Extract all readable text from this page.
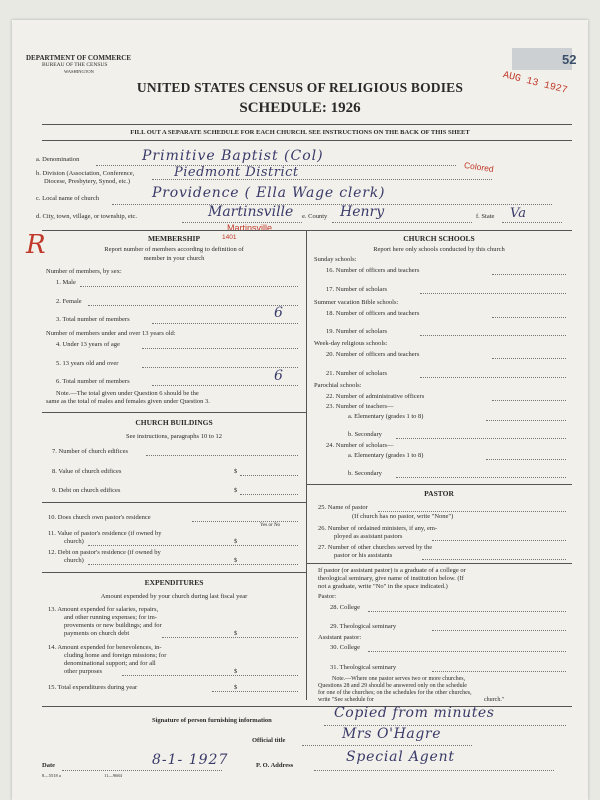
DEPARTMENT OF COMMERCE
BUREAU OF THE CENSUS
WASHINGTON
52
AUG 13 1927
UNITED STATES CENSUS OF RELIGIOUS BODIES
SCHEDULE: 1926
FILL OUT A SEPARATE SCHEDULE FOR EACH CHURCH. SEE INSTRUCTIONS ON THE BACK OF THIS SHEET
a. Denomination	Primitive Baptist (Col)
Colored
b. Division (Association, Conference,
Diocese, Presbytery, Synod, etc.)
Piedmont District
c. Local name of church	Providence ( Ella Wage clerk)
d. City, town, village, or township, etc.	Martinsville
Martinsville
e. County Henry	f. State Va
R	1401
MEMBERSHIP
Report number of members according to definition of
member in your church
Number of members, by sex:
1. Male
2. Female
3. Total number of members	6
Number of members under and over 13 years old:
4. Under 13 years of age
5. 13 years old and over
6. Total number of members	6
Note.—The total given under Question 6 should be the
same as the total of males and females given under Question 3.
CHURCH BUILDINGS
See instructions, paragraphs 10 to 12
7. Number of church edifices
8. Value of church edifices	$
9. Debt on church edifices	$
10. Does church own pastor's residence
Yes or No
11. Value of pastor's residence (if owned by
church)	$
12. Debt on pastor's residence (if owned by
church)	$
EXPENDITURES
Amount expended by your church during last fiscal year
13. Amount expended for salaries, repairs,
and other running expenses; for im-
provements or new buildings; and for
payments on church debt	$
14. Amount expended for benevolences, in-
cluding home and foreign missions; for
denominational support; and for all
other purposes	$
15. Total expenditures during year	$
CHURCH SCHOOLS
Report here only schools conducted by this church
Sunday schools:
16. Number of officers and teachers
17. Number of scholars
Summer vacation Bible schools:
18. Number of officers and teachers
19. Number of scholars
Week-day religious schools:
20. Number of officers and teachers
21. Number of scholars
Parochial schools:
22. Number of administrative officers
23. Number of teachers—
a. Elementary (grades 1 to 8)
b. Secondary
24. Number of scholars—
a. Elementary (grades 1 to 8)
b. Secondary
PASTOR
25. Name of pastor
(If church has no pastor, write "None")
26. Number of ordained ministers, if any, em-
ployed as assistant pastors
27. Number of other churches served by the
pastor or his assistants
If pastor (or assistant pastor) is a graduate of a college or
theological seminary, give name of institution below. (If
not a graduate, write "No" in the space indicated.)
Pastor:
28. College
29. Theological seminary
Assistant pastor:
30. College
31. Theological seminary
Note.—Where one pastor serves two or more churches,
Questions 28 and 29 should be answered only on the schedule
for one of the churches; on the schedules for the other churches,
write "See schedule for	church."
Signature of person furnishing information	Copied from minutes
Official title	Mrs O'Hagre
Date	8-1- 1927	P. O. Address
Special Agent
8—5518 a	11—9684
